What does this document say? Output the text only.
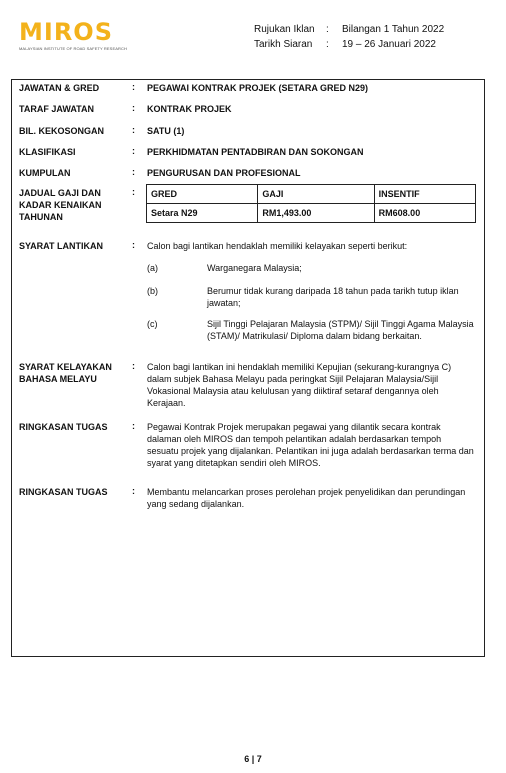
MIROS
MALAYSIAN INSTITUTE OF ROAD SAFETY RESEARCH
Rujukan Iklan	:	Bilangan 1 Tahun 2022
Tarikh Siaran	:	19 – 26 Januari 2022
JAWATAN & GRED	: PEGAWAI KONTRAK PROJEK (SETARA GRED N29)
TARAF JAWATAN	: KONTRAK PROJEK
BIL. KEKOSONGAN	: SATU (1)
KLASIFIKASI	: PERKHIDMATAN PENTADBIRAN DAN SOKONGAN
KUMPULAN	: PENGURUSAN DAN PROFESIONAL
JADUAL GAJI DAN KADAR KENAIKAN TAHUNAN
: GRED	GAJI	INSENTIF
Setara N29	RM1,493.00	RM608.00
SYARAT LANTIKAN	: Calon bagi lantikan hendaklah memiliki kelayakan seperti berikut:
(a)	Warganegara Malaysia;
(b)	Berumur tidak kurang daripada 18 tahun pada tarikh tutup iklan jawatan;
(c)	Sijil Tinggi Pelajaran Malaysia (STPM)/ Sijil Tinggi Agama Malaysia (STAM)/ Matrikulasi/ Diploma dalam bidang berkaitan.
SYARAT KELAYAKAN BAHASA MELAYU
: Calon bagi lantikan ini hendaklah memiliki Kepujian (sekurang-kurangnya C) dalam subjek Bahasa Melayu pada peringkat Sijil Pelajaran Malaysia/Sijil Vokasional Malaysia atau kelulusan yang diiktiraf setaraf dengannya oleh Kerajaan.
RINGKASAN TUGAS	: Pegawai Kontrak Projek merupakan pegawai yang dilantik secara kontrak dalaman oleh MIROS dan tempoh pelantikan adalah berdasarkan tempoh sesuatu projek yang dijalankan. Pelantikan ini juga adalah berdasarkan terma dan syarat yang ditetapkan sendiri oleh MIROS.
RINGKASAN TUGAS	: Membantu melancarkan proses perolehan projek penyelidikan dan perundingan yang sedang dijalankan.
6 | 7
